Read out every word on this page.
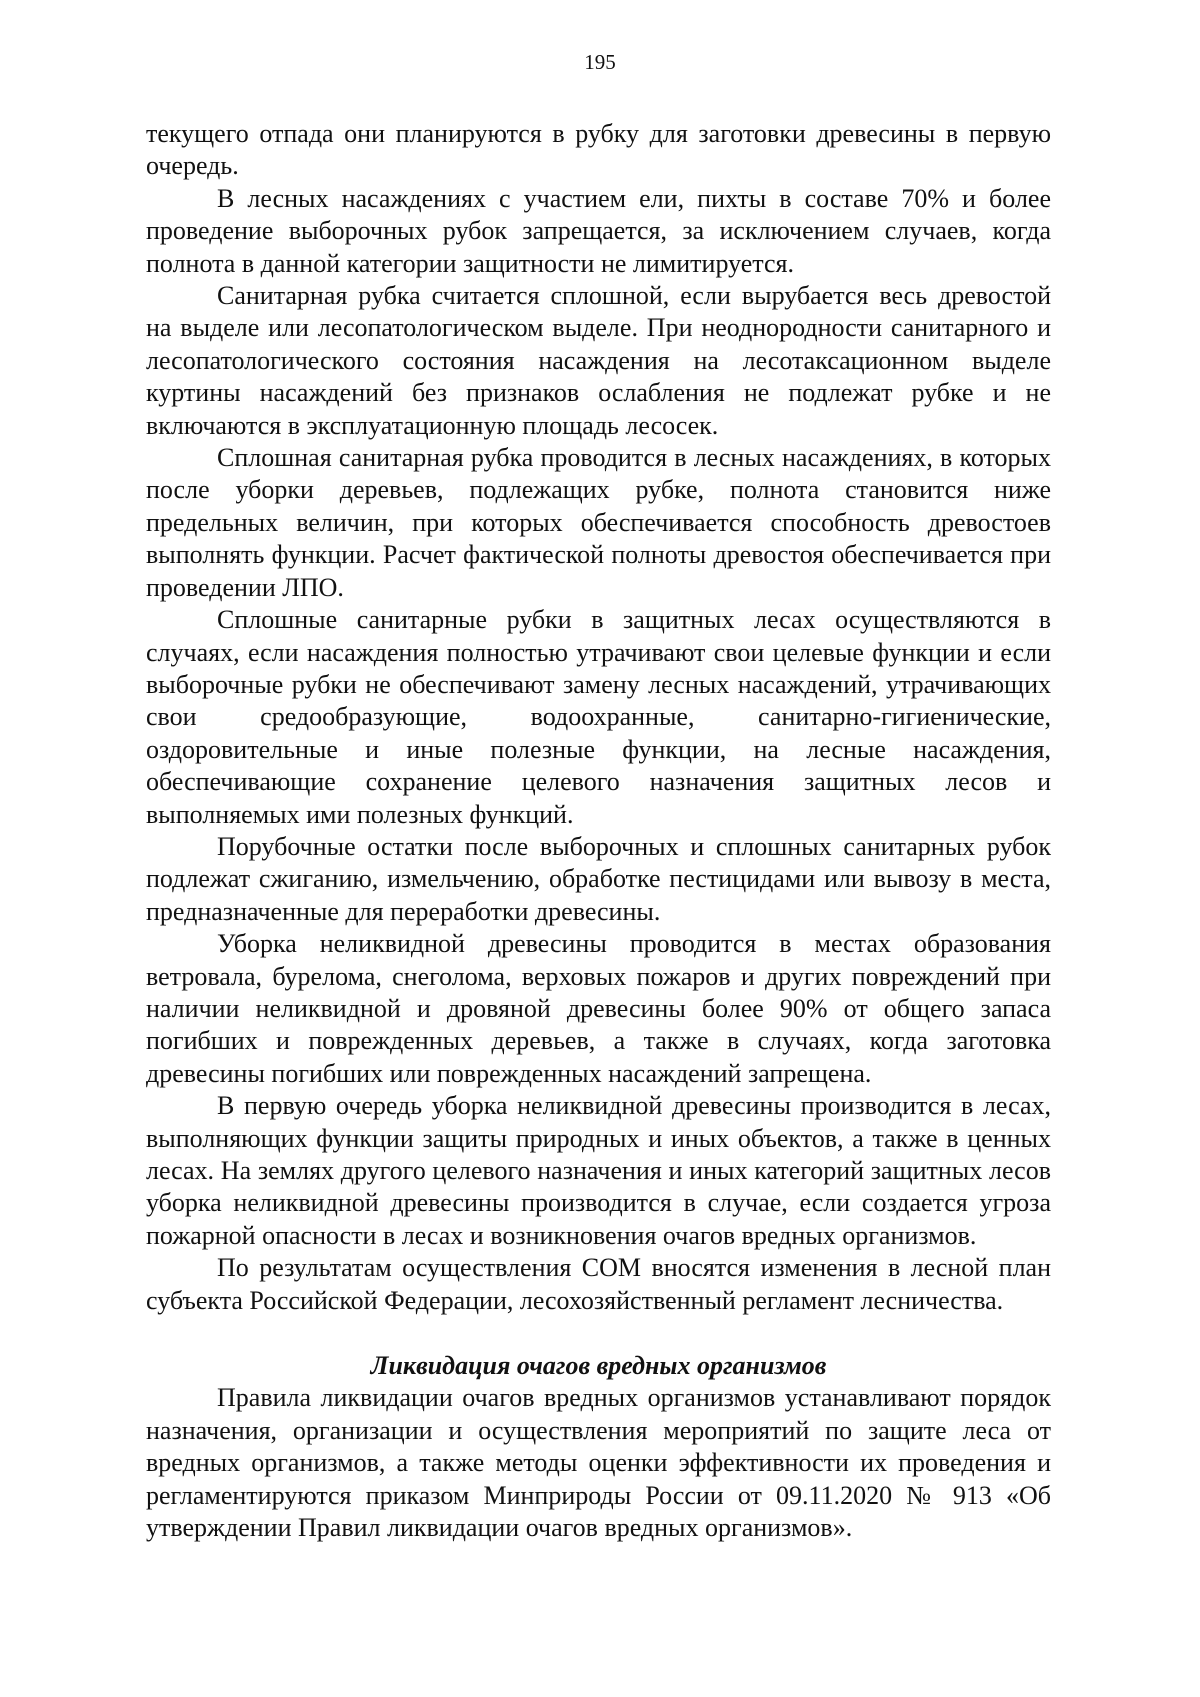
195

текущего отпада они планируются в рубку для заготовки древесины в первую очередь.

В лесных насаждениях с участием ели, пихты в составе 70% и более проведение выборочных рубок запрещается, за исключением случаев, когда полнота в данной категории защитности не лимитируется.

Санитарная рубка считается сплошной, если вырубается весь древостой на выделе или лесопатологическом выделе. При неоднородности санитарного и лесопатологического состояния насаждения на лесотаксационном выделе куртины насаждений без признаков ослабления не подлежат рубке и не включаются в эксплуатационную площадь лесосек.

Сплошная санитарная рубка проводится в лесных насаждениях, в которых после уборки деревьев, подлежащих рубке, полнота становится ниже предельных величин, при которых обеспечивается способность древостоев выполнять функции. Расчет фактической полноты древостоя обеспечивается при проведении ЛПО.

Сплошные санитарные рубки в защитных лесах осуществляются в случаях, если насаждения полностью утрачивают свои целевые функции и если выборочные рубки не обеспечивают замену лесных насаждений, утрачивающих свои средообразующие, водоохранные, санитарно-гигиенические, оздоровительные и иные полезные функции, на лесные насаждения, обеспечивающие сохранение целевого назначения защитных лесов и выполняемых ими полезных функций.

Порубочные остатки после выборочных и сплошных санитарных рубок подлежат сжиганию, измельчению, обработке пестицидами или вывозу в места, предназначенные для переработки древесины.

Уборка неликвидной древесины проводится в местах образования ветровала, бурелома, снеголома, верховых пожаров и других повреждений при наличии неликвидной и дровяной древесины более 90% от общего запаса погибших и поврежденных деревьев, а также в случаях, когда заготовка древесины погибших или поврежденных насаждений запрещена.

В первую очередь уборка неликвидной древесины производится в лесах, выполняющих функции защиты природных и иных объектов, а также в ценных лесах. На землях другого целевого назначения и иных категорий защитных лесов уборка неликвидной древесины производится в случае, если создается угроза пожарной опасности в лесах и возникновения очагов вредных организмов.

По результатам осуществления СОМ вносятся изменения в лесной план субъекта Российской Федерации, лесохозяйственный регламент лесничества.

Ликвидация очагов вредных организмов

Правила ликвидации очагов вредных организмов устанавливают порядок назначения, организации и осуществления мероприятий по защите леса от вредных организмов, а также методы оценки эффективности их проведения и регламентируются приказом Минприроды России от 09.11.2020 № 913 «Об утверждении Правил ликвидации очагов вредных организмов».
